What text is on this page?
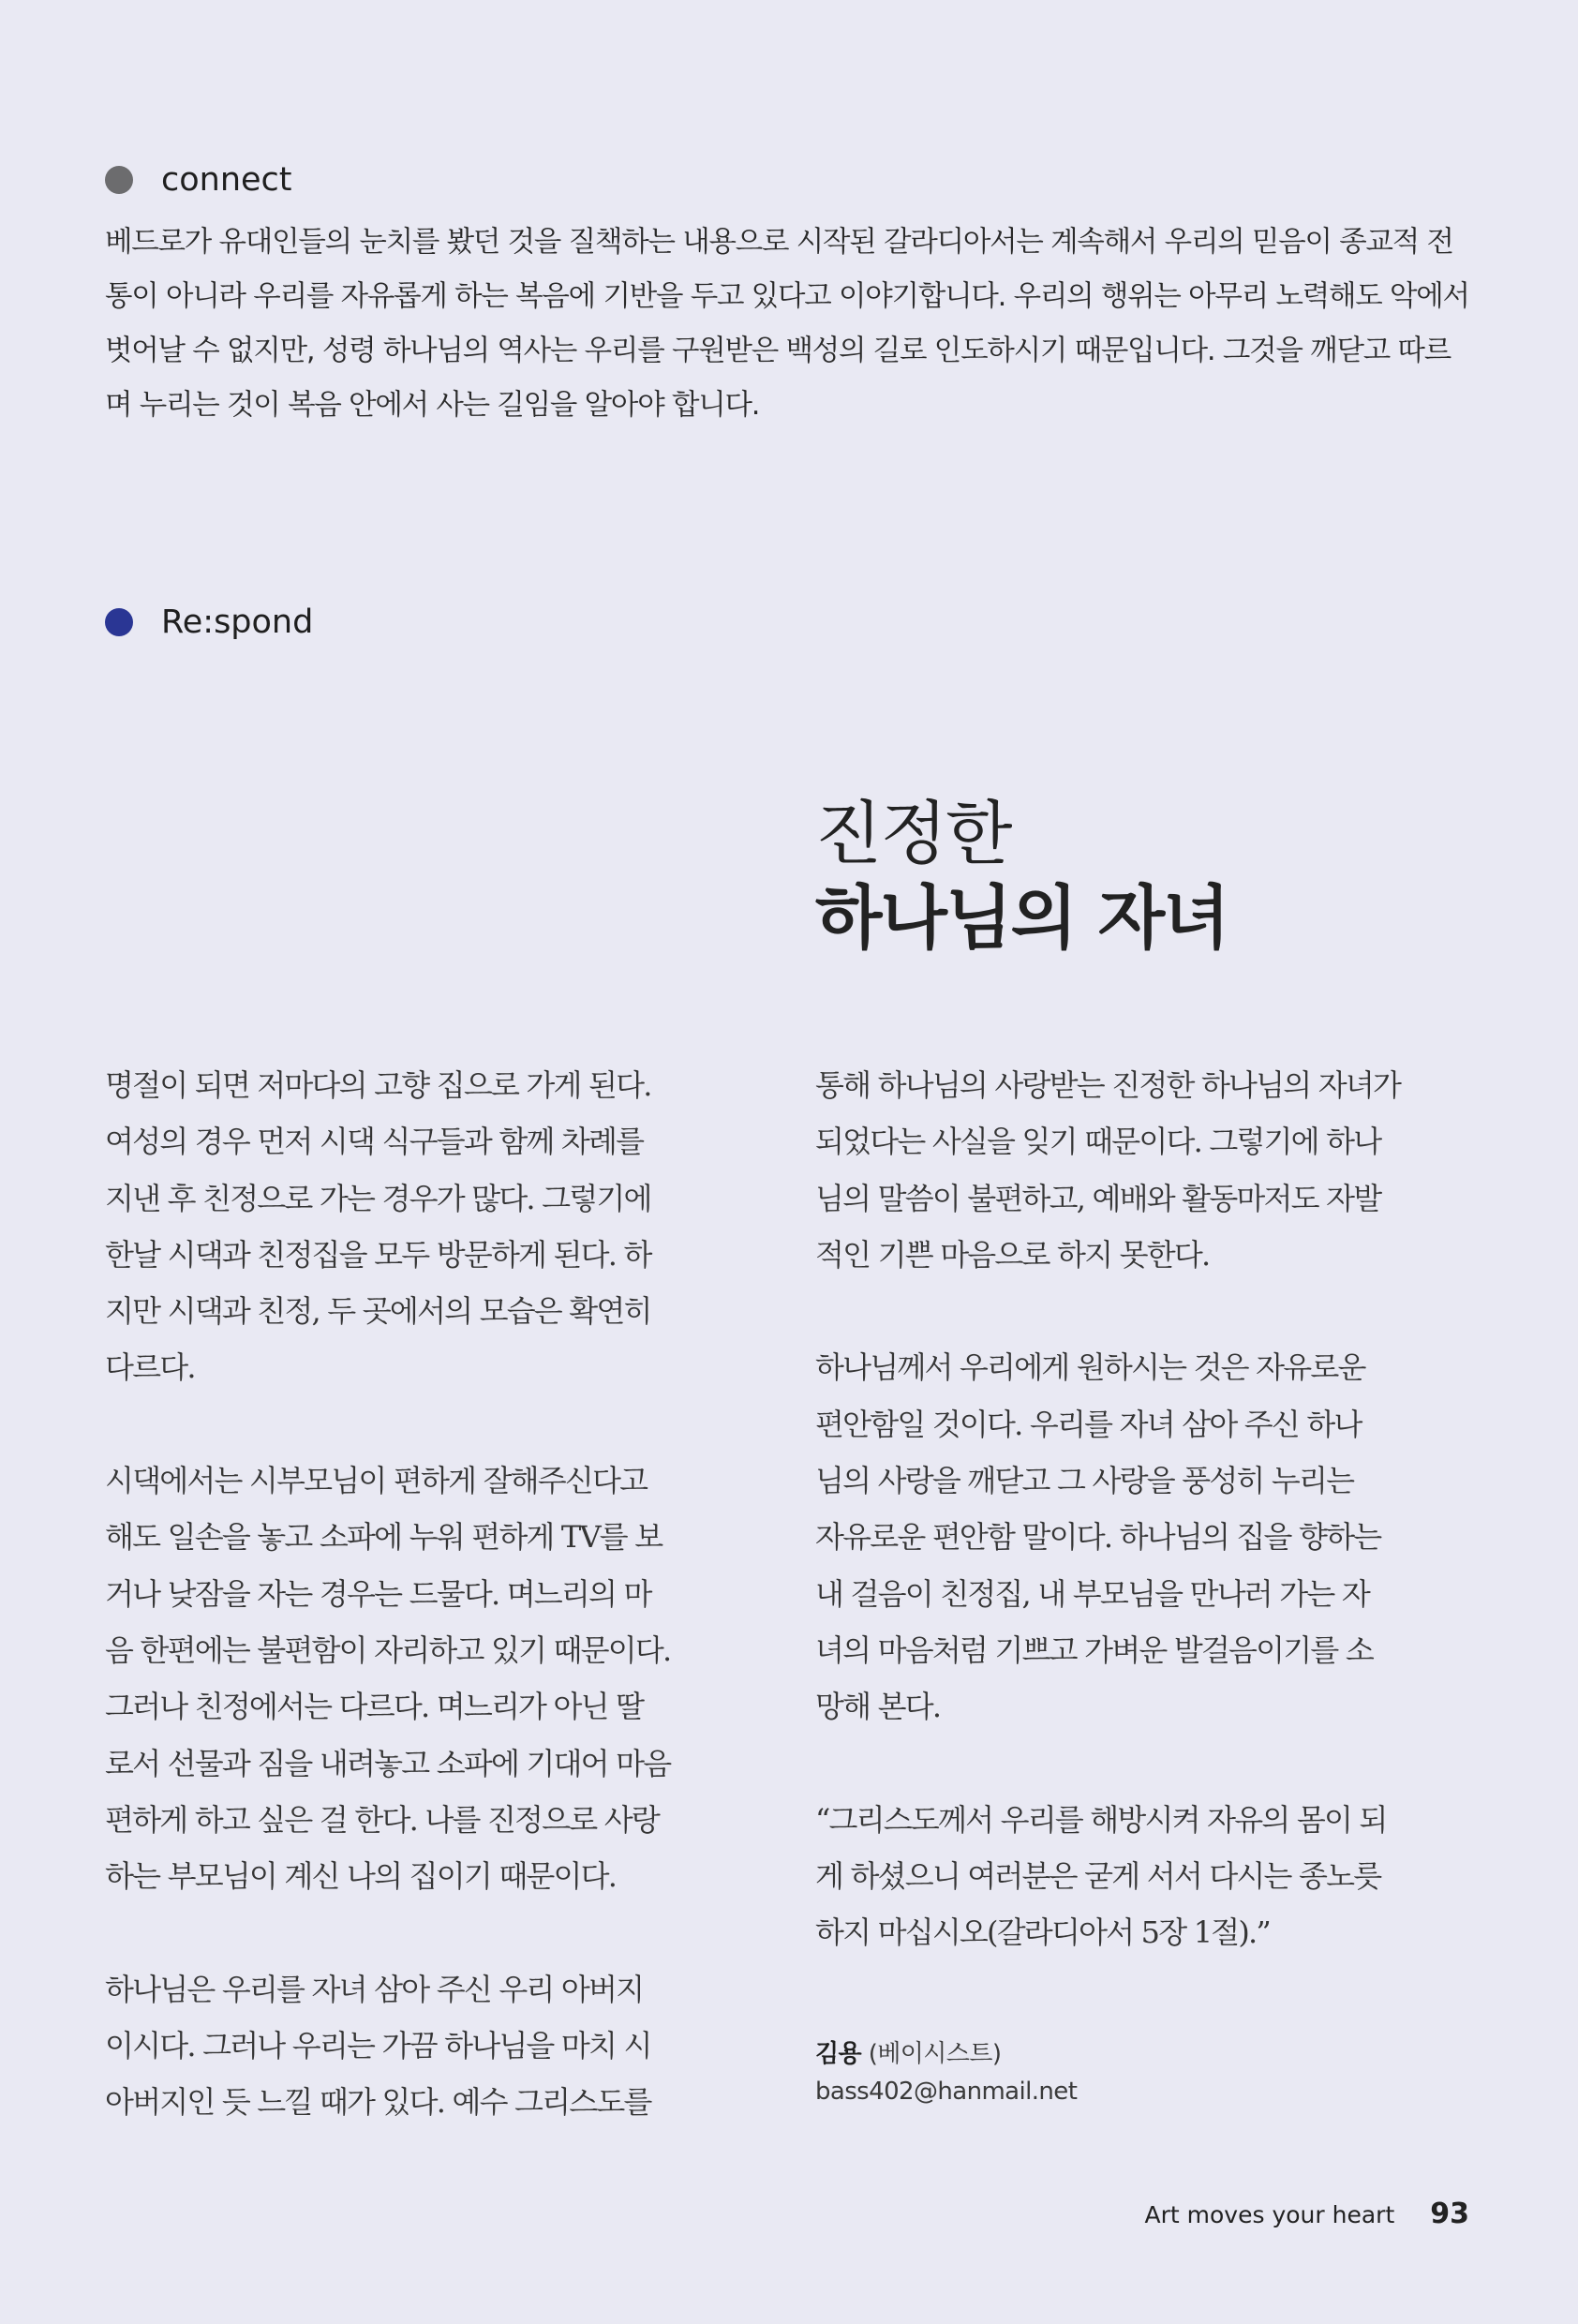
connect

베드로가 유대인들의 눈치를 봤던 것을 질책하는 내용으로 시작된 갈라디아서는 계속해서 우리의 믿음이 종교적 전

통이 아니라 우리를 자유롭게 하는 복음에 기반을 두고 있다고 이야기합니다. 우리의 행위는 아무리 노력해도 악에서

벗어날 수 없지만, 성령 하나님의 역사는 우리를 구원받은 백성의 길로 인도하시기 때문입니다. 그것을 깨닫고 따르

며 누리는 것이 복음 안에서 사는 길임을 알아야 합니다.

Re:spond
진정한
하나님의 자녀

명절이 되면 저마다의 고향 집으로 가게 된다.

여성의 경우 먼저 시댁 식구들과 함께 차례를

지낸 후 친정으로 가는 경우가 많다. 그렇기에

한날 시댁과 친정집을 모두 방문하게 된다. 하

지만 시댁과 친정, 두 곳에서의 모습은 확연히

다르다.

시댁에서는 시부모님이 편하게 잘해주신다고

해도 일손을 놓고 소파에 누워 편하게 TV를 보

거나 낮잠을 자는 경우는 드물다. 며느리의 마

음 한편에는 불편함이 자리하고 있기 때문이다.

그러나 친정에서는 다르다. 며느리가 아닌 딸

로서 선물과 짐을 내려놓고 소파에 기대어 마음

편하게 하고 싶은 걸 한다. 나를 진정으로 사랑

하는 부모님이 계신 나의 집이기 때문이다.

하나님은 우리를 자녀 삼아 주신 우리 아버지

이시다. 그러나 우리는 가끔 하나님을 마치 시

아버지인 듯 느낄 때가 있다. 예수 그리스도를

통해 하나님의 사랑받는 진정한 하나님의 자녀가

되었다는 사실을 잊기 때문이다. 그렇기에 하나

님의 말씀이 불편하고, 예배와 활동마저도 자발

적인 기쁜 마음으로 하지 못한다.

하나님께서 우리에게 원하시는 것은 자유로운

편안함일 것이다. 우리를 자녀 삼아 주신 하나

님의 사랑을 깨닫고 그 사랑을 풍성히 누리는

자유로운 편안함 말이다. 하나님의 집을 향하는

내 걸음이 친정집, 내 부모님을 만나러 가는 자

녀의 마음처럼 기쁘고 가벼운 발걸음이기를 소

망해 본다.

“그리스도께서 우리를 해방시켜 자유의 몸이 되

게 하셨으니 여러분은 굳게 서서 다시는 종노릇

하지 마십시오(갈라디아서 5장 1절).”

김용 (베이시스트)
bass402@hanmail.net
Art moves your heart 93
